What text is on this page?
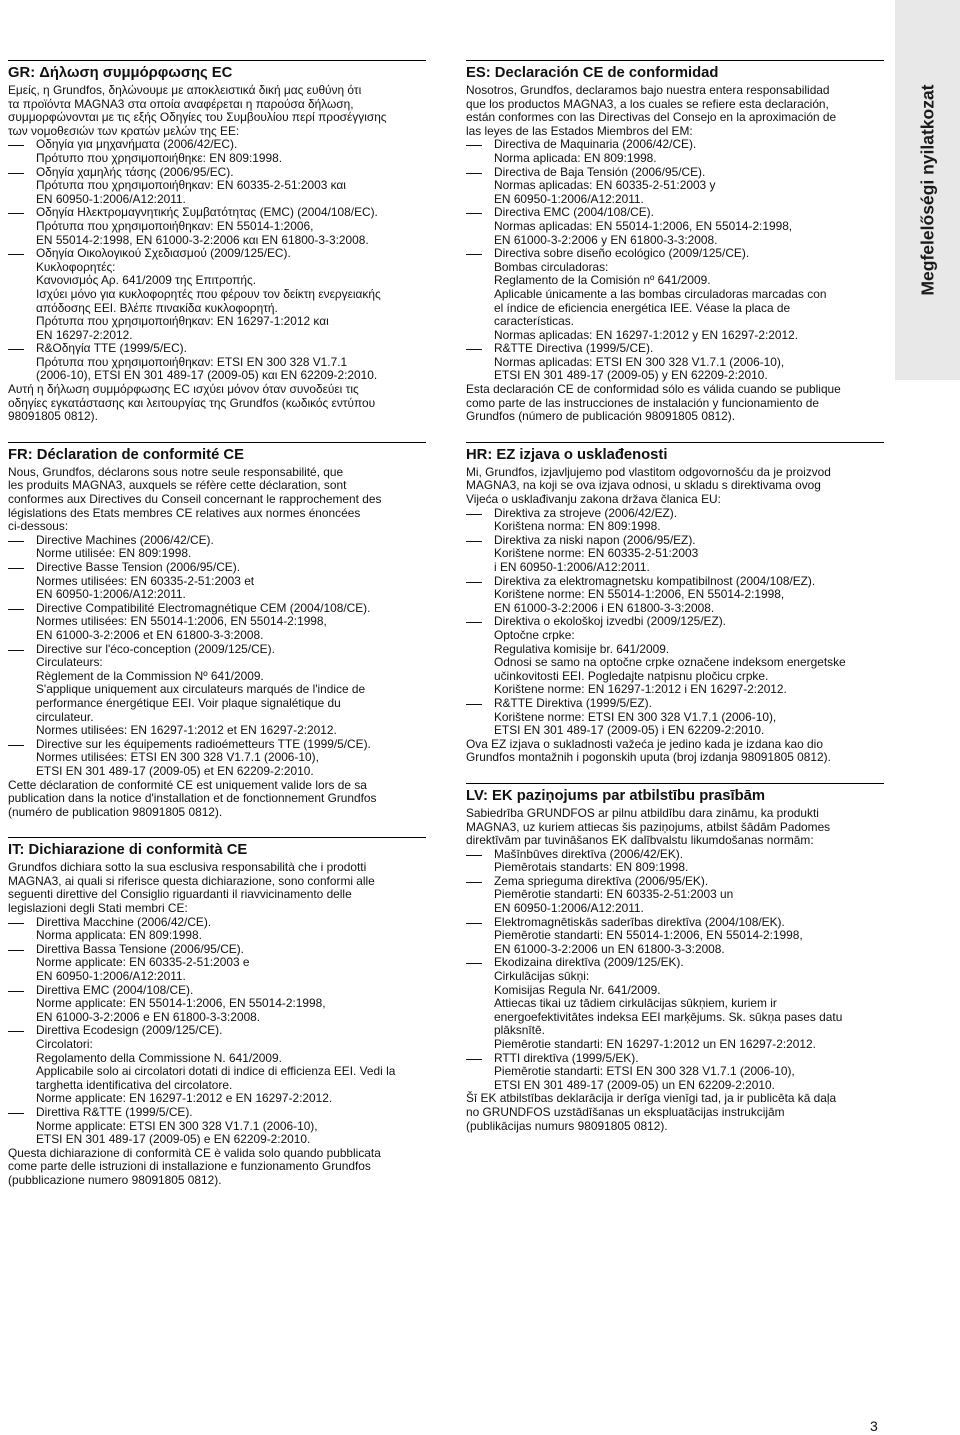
Megfelelőségi nyilatkozat
GR: Δήλωση συμμόρφωσης EC
Εμείς, η Grundfos, δηλώνουμε με αποκλειστικά δική μας ευθύνη ότι
τα προϊόντα MAGNA3 στα οποία αναφέρεται η παρούσα δήλωση,
συμμορφώνονται με τις εξής Οδηγίες του Συμβουλίου περί προσέγγισης
των νομοθεσιών των κρατών μελών της ΕΕ:
Οδηγία για μηχανήματα (2006/42/EC).
Πρότυπο που χρησιμοποιήθηκε: EN 809:1998.
Οδηγία χαμηλής τάσης (2006/95/EC).
Πρότυπα που χρησιμοποιήθηκαν: EN 60335-2-51:2003 και
EN 60950-1:2006/A12:2011.
Οδηγία Ηλεκτρομαγνητικής Συμβατότητας (EMC) (2004/108/EC).
Πρότυπα που χρησιμοποιήθηκαν: EN 55014-1:2006,
EN 55014-2:1998, EN 61000-3-2:2006 και EN 61800-3-3:2008.
Οδηγία Οικολογικού Σχεδιασμού (2009/125/EC).
Κυκλοφορητές:
Κανονισμός Αρ. 641/2009 της Επιτροπής.
Ισχύει μόνο για κυκλοφορητές που φέρουν τον δείκτη ενεργειακής
απόδοσης EEI. Βλέπε πινακίδα κυκλοφορητή.
Πρότυπα που χρησιμοποιήθηκαν: EN 16297-1:2012 και
EN 16297-2:2012.
R&Οδηγία TTE (1999/5/EC).
Πρότυπα που χρησιμοποιήθηκαν: ETSI EN 300 328 V1.7.1
(2006-10), ETSI EN 301 489-17 (2009-05) και EN 62209-2:2010.
Αυτή η δήλωση συμμόρφωσης EC ισχύει μόνον όταν συνοδεύει τις
οδηγίες εγκατάστασης και λειτουργίας της Grundfos (κωδικός εντύπου
98091805 0812).
FR: Déclaration de conformité CE
Nous, Grundfos, déclarons sous notre seule responsabilité, que
les produits MAGNA3, auxquels se réfère cette déclaration, sont
conformes aux Directives du Conseil concernant le rapprochement des
législations des Etats membres CE relatives aux normes énoncées
ci-dessous:
Directive Machines (2006/42/CE).
Norme utilisée: EN 809:1998.
Directive Basse Tension (2006/95/CE).
Normes utilisées: EN 60335-2-51:2003 et
EN 60950-1:2006/A12:2011.
Directive Compatibilité Electromagnétique CEM (2004/108/CE).
Normes utilisées: EN 55014-1:2006, EN 55014-2:1998,
EN 61000-3-2:2006 et EN 61800-3-3:2008.
Directive sur l'éco-conception (2009/125/CE).
Circulateurs:
Règlement de la Commission Nº 641/2009.
S'applique uniquement aux circulateurs marqués de l'indice de
performance énergétique EEI. Voir plaque signalétique du
circulateur.
Normes utilisées: EN 16297-1:2012 et EN 16297-2:2012.
Directive sur les équipements radioémetteurs TTE (1999/5/CE).
Normes utilisées: ETSI EN 300 328 V1.7.1 (2006-10),
ETSI EN 301 489-17 (2009-05) et EN 62209-2:2010.
Cette déclaration de conformité CE est uniquement valide lors de sa
publication dans la notice d'installation et de fonctionnement Grundfos
(numéro de publication 98091805 0812).
IT: Dichiarazione di conformità CE
Grundfos dichiara sotto la sua esclusiva responsabilità che i prodotti
MAGNA3, ai quali si riferisce questa dichiarazione, sono conformi alle
seguenti direttive del Consiglio riguardanti il riavvicinamento delle
legislazioni degli Stati membri CE:
Direttiva Macchine (2006/42/CE).
Norma applicata: EN 809:1998.
Direttiva Bassa Tensione (2006/95/CE).
Norme applicate: EN 60335-2-51:2003 e
EN 60950-1:2006/A12:2011.
Direttiva EMC (2004/108/CE).
Norme applicate: EN 55014-1:2006, EN 55014-2:1998,
EN 61000-3-2:2006 e EN 61800-3-3:2008.
Direttiva Ecodesign (2009/125/CE).
Circolatori:
Regolamento della Commissione N. 641/2009.
Applicabile solo ai circolatori dotati di indice di efficienza EEI. Vedi la
targhetta identificativa del circolatore.
Norme applicate: EN 16297-1:2012 e EN 16297-2:2012.
Direttiva R&TTE (1999/5/CE).
Norme applicate: ETSI EN 300 328 V1.7.1 (2006-10),
ETSI EN 301 489-17 (2009-05) e EN 62209-2:2010.
Questa dichiarazione di conformità CE è valida solo quando pubblicata
come parte delle istruzioni di installazione e funzionamento Grundfos
(pubblicazione numero 98091805 0812).
ES: Declaración CE de conformidad
Nosotros, Grundfos, declaramos bajo nuestra entera responsabilidad
que los productos MAGNA3, a los cuales se refiere esta declaración,
están conformes con las Directivas del Consejo en la aproximación de
las leyes de las Estados Miembros del EM:
Directiva de Maquinaria (2006/42/CE).
Norma aplicada: EN 809:1998.
Directiva de Baja Tensión (2006/95/CE).
Normas aplicadas: EN 60335-2-51:2003 y
EN 60950-1:2006/A12:2011.
Directiva EMC (2004/108/CE).
Normas aplicadas: EN 55014-1:2006, EN 55014-2:1998,
EN 61000-3-2:2006 y EN 61800-3-3:2008.
Directiva sobre diseño ecológico (2009/125/CE).
Bombas circuladoras:
Reglamento de la Comisión nº 641/2009.
Aplicable únicamente a las bombas circuladoras marcadas con
el índice de eficiencia energética IEE. Véase la placa de
características.
Normas aplicadas: EN 16297-1:2012 y EN 16297-2:2012.
R&TTE Directiva (1999/5/CE).
Normas aplicadas: ETSI EN 300 328 V1.7.1 (2006-10),
ETSI EN 301 489-17 (2009-05) y EN 62209-2:2010.
Esta declaración CE de conformidad sólo es válida cuando se publique
como parte de las instrucciones de instalación y funcionamiento de
Grundfos (número de publicación 98091805 0812).
HR: EZ izjava o usklađenosti
Mi, Grundfos, izjavljujemo pod vlastitom odgovornošću da je proizvod
MAGNA3, na koji se ova izjava odnosi, u skladu s direktivama ovog
Vijeća o usklađivanju zakona država članica EU:
Direktiva za strojeve (2006/42/EZ).
Korištena norma: EN 809:1998.
Direktiva za niski napon (2006/95/EZ).
Korištene norme: EN 60335-2-51:2003
i EN 60950-1:2006/A12:2011.
Direktiva za elektromagnetsku kompatibilnost (2004/108/EZ).
Korištene norme: EN 55014-1:2006, EN 55014-2:1998,
EN 61000-3-2:2006 i EN 61800-3-3:2008.
Direktiva o ekološkoj izvedbi (2009/125/EZ).
Optočne crpke:
Regulativa komisije br. 641/2009.
Odnosi se samo na optočne crpke označene indeksom energetske
učinkovitosti EEI. Pogledajte natpisnu pločicu crpke.
Korištene norme: EN 16297-1:2012 i EN 16297-2:2012.
R&TTE Direktiva (1999/5/EZ).
Korištene norme: ETSI EN 300 328 V1.7.1 (2006-10),
ETSI EN 301 489-17 (2009-05) i EN 62209-2:2010.
Ova EZ izjava o sukladnosti važeća je jedino kada je izdana kao dio
Grundfos montažnih i pogonskih uputa (broj izdanja 98091805 0812).
LV: EK paziņojums par atbilstību prasībām
Sabiedrība GRUNDFOS ar pilnu atbildību dara zināmu, ka produkti
MAGNA3, uz kuriem attiecas šis paziņojums, atbilst šādām Padomes
direktīvām par tuvināšanos EK dalībvalstu likumdošanas normām:
Mašīnbūves direktīva (2006/42/EK).
Piemērotais standarts: EN 809:1998.
Zema sprieguma direktīva (2006/95/EK).
Piemērotie standarti: EN 60335-2-51:2003 un
EN 60950-1:2006/A12:2011.
Elektromagnētiskās saderības direktīva (2004/108/EK).
Piemērotie standarti: EN 55014-1:2006, EN 55014-2:1998,
EN 61000-3-2:2006 un EN 61800-3-3:2008.
Ekodizaina direktīva (2009/125/EK).
Cirkulācijas sūkņi:
Komisijas Regula Nr. 641/2009.
Attiecas tikai uz tādiem cirkulācijas sūkņiem, kuriem ir
energoefektivitātes indeksa EEI marķējums. Sk. sūkņa pases datu
plāksnītē.
Piemērotie standarti: EN 16297-1:2012 un EN 16297-2:2012.
RTTI direktīva (1999/5/EK).
Piemērotie standarti: ETSI EN 300 328 V1.7.1 (2006-10),
ETSI EN 301 489-17 (2009-05) un EN 62209-2:2010.
Šī EK atbilstības deklarācija ir derīga vienīgi tad, ja ir publicēta kā daļa
no GRUNDFOS uzstādīšanas un ekspluatācijas instrukcijām
(publikācijas numurs 98091805 0812).
3
